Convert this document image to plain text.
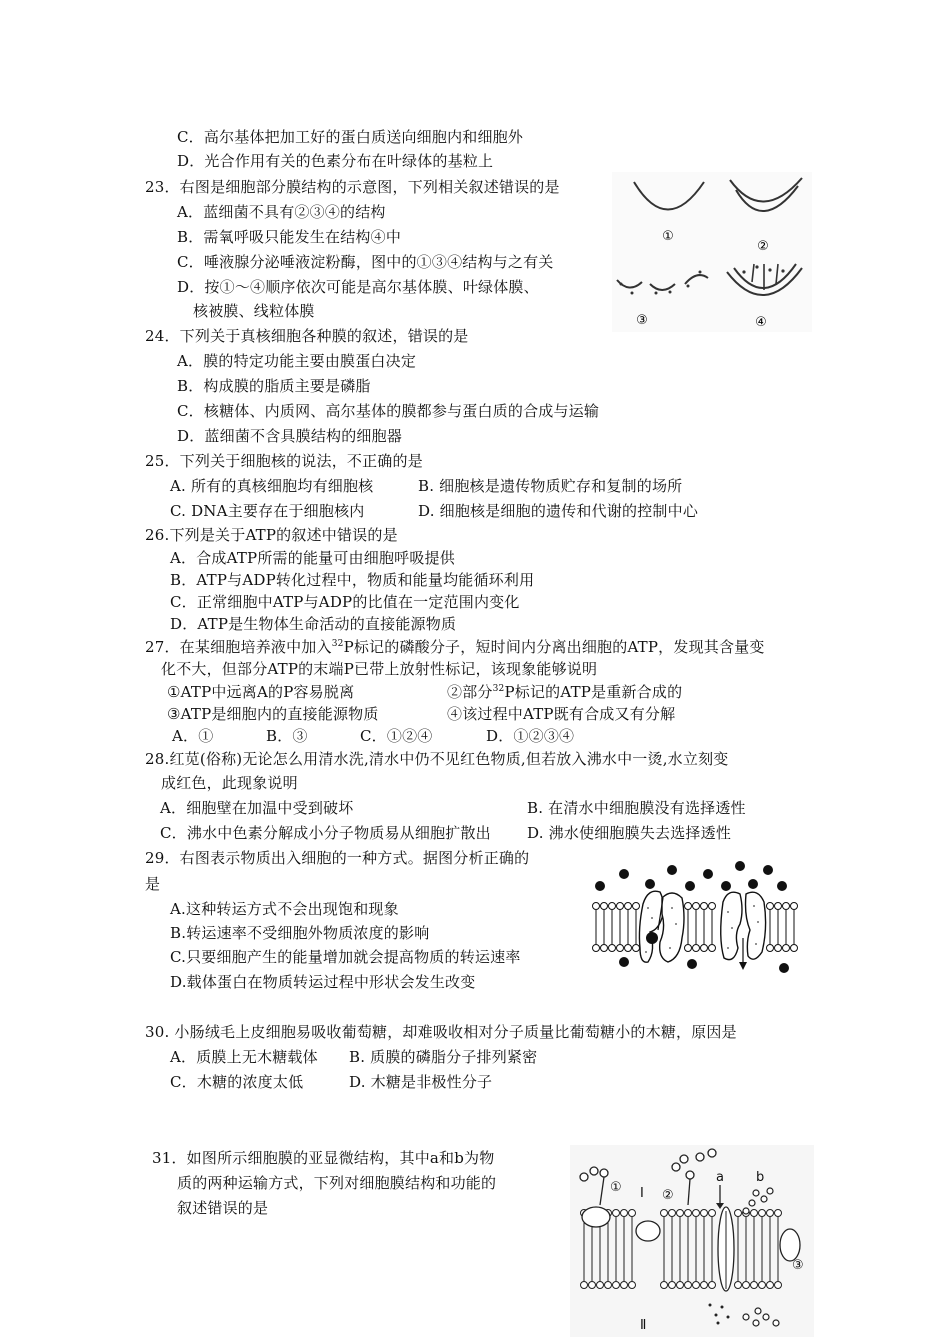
C．高尔基体把加工好的蛋白质送向细胞内和细胞外
D．光合作用有关的色素分布在叶绿体的基粒上
23．右图是细胞部分膜结构的示意图，下列相关叙述错误的是
A．蓝细菌不具有②③④的结构
B．需氧呼吸只能发生在结构④中
C．唾液腺分泌唾液淀粉酶，图中的①③④结构与之有关
D．按①～④顺序依次可能是高尔基体膜、叶绿体膜、
核被膜、线粒体膜
①
②
③	④
24．下列关于真核细胞各种膜的叙述，错误的是
A．膜的特定功能主要由膜蛋白决定
B．构成膜的脂质主要是磷脂
C．核糖体、内质网、高尔基体的膜都参与蛋白质的合成与运输
D．蓝细菌不含具膜结构的细胞器
25．下列关于细胞核的说法，不正确的是
A. 所有的真核细胞均有细胞核	B. 细胞核是遗传物质贮存和复制的场所
C. DNA主要存在于细胞核内	D. 细胞核是细胞的遗传和代谢的控制中心
26.下列是关于ATP的叙述中错误的是
A．合成ATP所需的能量可由细胞呼吸提供
B．ATP与ADP转化过程中，物质和能量均能循环利用
C．正常细胞中ATP与ADP的比值在一定范围内变化
D．ATP是生物体生命活动的直接能源物质
27．在某细胞培养液中加入$^{32}$P标记的磷酸分子，短时间内分离出细胞的ATP，发现其含量变
化不大，但部分ATP的末端P已带上放射性标记，该现象能够说明
①ATP中远离A的P容易脱离	②部分$^{32}$P标记的ATP是重新合成的
③ATP是细胞内的直接能源物质	④该过程中ATP既有合成又有分解
A．①	B．③	C．①②④	D．①②③④
28.红苋(俗称)无论怎么用清水洗,清水中仍不见红色物质,但若放入沸水中一烫,水立刻变
成红色，此现象说明
A．细胞壁在加温中受到破坏	B. 在清水中细胞膜没有选择透性
C．沸水中色素分解成小分子物质易从细胞扩散出 D. 沸水使细胞膜失去选择透性
29．右图表示物质出入细胞的一种方式。据图分析正确的
是
A.这种转运方式不会出现饱和现象
B.转运速率不受细胞外物质浓度的影响
C.只要细胞产生的能量增加就会提高物质的转运速率
D.载体蛋白在物质转运过程中形状会发生改变
30. 小肠绒毛上皮细胞易吸收葡萄糖，却难吸收相对分子质量比葡萄糖小的木糖，原因是
A．质膜上无木糖载体 B. 质膜的磷脂分子排列紧密
C．木糖的浓度太低	D. 木糖是非极性分子
31．如图所示细胞膜的亚显微结构，其中a和b为物
质的两种运输方式，下列对细胞膜结构和功能的
叙述错误的是
① Ⅰ ②
a b
③
Ⅱ
